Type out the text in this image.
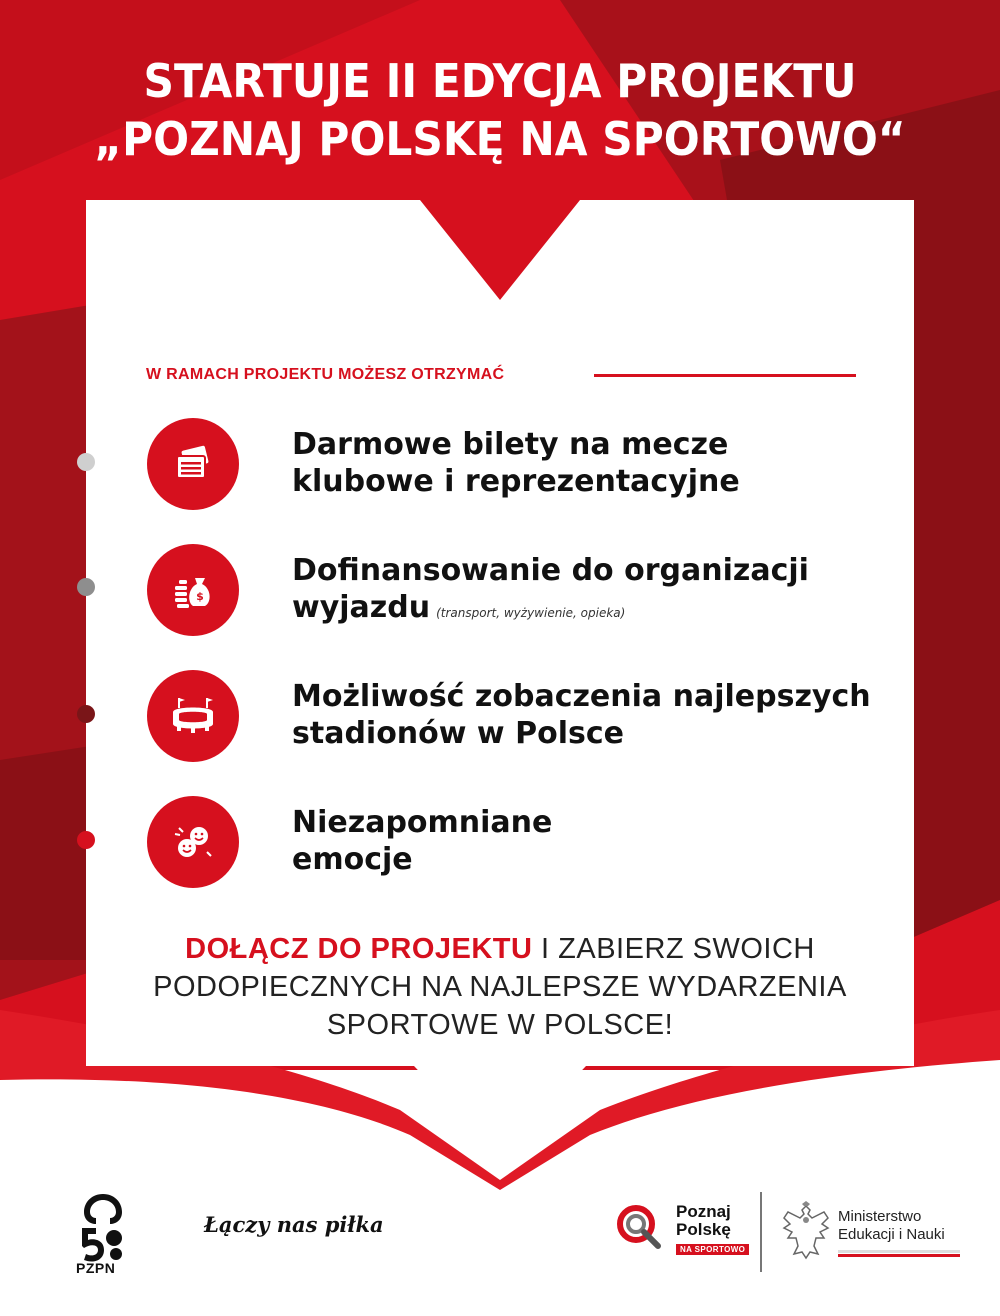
STARTUJE II EDYCJA PROJEKTU
„POZNAJ POLSKĘ NA SPORTOWO“
W RAMACH PROJEKTU MOŻESZ OTRZYMAĆ
Darmowe bilety na mecze
klubowe i reprezentacyjne
$
Dofinansowanie do organizacji
wyjazdu (transport, wyżywienie, opieka)
Możliwość zobaczenia najlepszych
stadionów w Polsce
Niezapomniane
emocje
DOŁĄCZ DO PROJEKTU I ZABIERZ SWOICH
PODOPIECZNYCH NA NAJLEPSZE WYDARZENIA
SPORTOWE W POLSCE!
PZPN
Łączy nas piłka
Poznaj
Polskę
NA SPORTOWO
Ministerstwo
Edukacji i Nauki
